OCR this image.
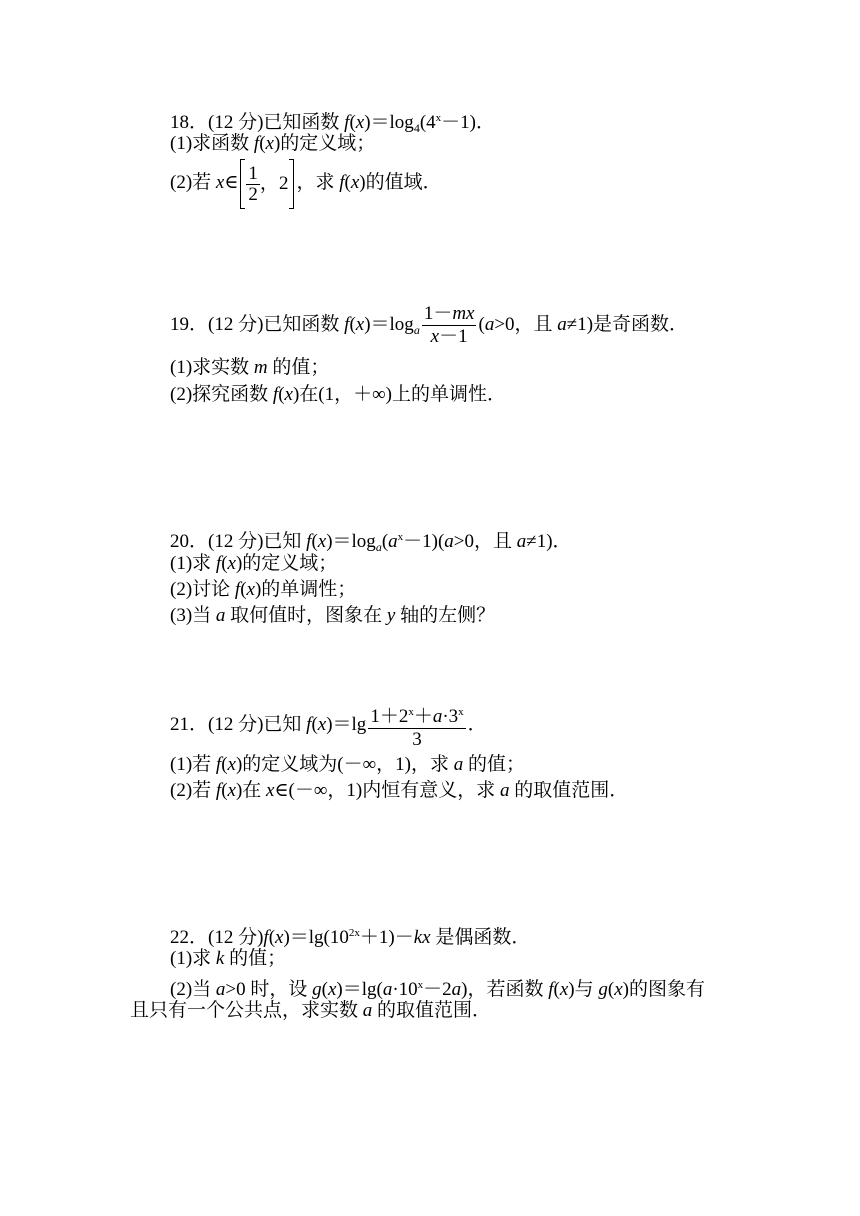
18．(12 分)已知函数 $f(x)=\log_4(4^x-1)$．
(1)求函数 f(x)的定义域；
(2)若 x∈ $\frac{1}{2}$ ，2 ，求 f(x)的值域．
19．(12 分)已知函数 $f(x)=\log_a \frac{1-mx}{x-1} (a>0$，且 a≠1)是奇函数．
(1)求实数 m 的值；
(2)探究函数 f(x)在(1，＋∞)上的单调性．
20．(12 分)已知 $f(x)=\log_a(a^x-1)(a>0$，且 a≠1)．
(1)求 f(x)的定义域；
(2)讨论 f(x)的单调性；
(3)当 a 取何值时，图象在 y 轴的左侧？
21．(12 分)已知 $f(x)=\lg \frac{1+2^x+a\cdot 3^x}{3}$ ．
(1)若 f(x)的定义域为(－∞，1)，求 a 的值；
(2)若 f(x)在 x∈(－∞，1)内恒有意义，求 a 的取值范围．
22．(12 分)$f(x)=\lg(10^{2x}+1)-kx$ 是偶函数．
(1)求 k 的值；
(2)当 a>0 时，设 $g(x)=\lg(a\cdot 10^x-2a)$，若函数 f(x)与 g(x)的图象有
且只有一个公共点，求实数 a 的取值范围．
